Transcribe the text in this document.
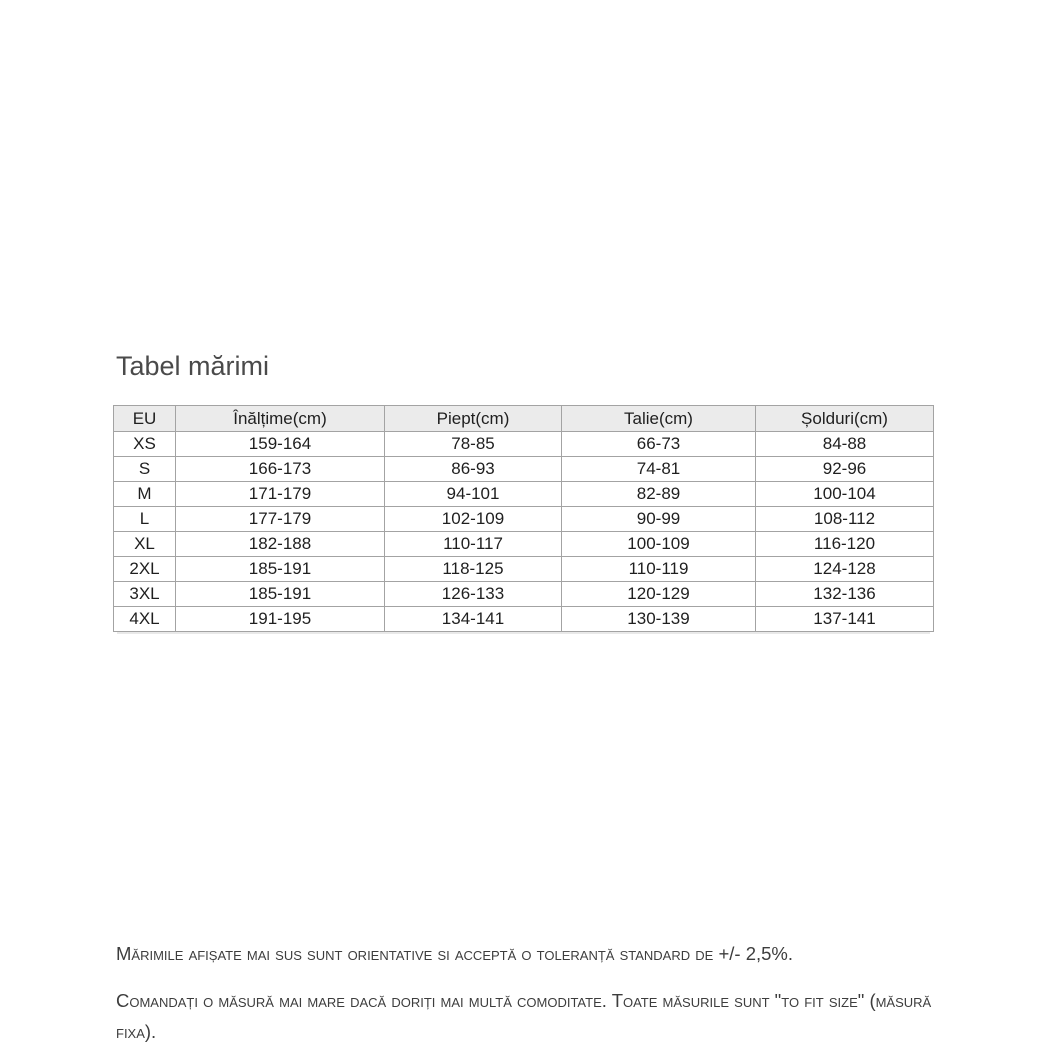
Tabel mărimi
EU	Înălțime(cm)	Piept(cm)	Talie(cm)	Șolduri(cm)
XS	159-164	78-85	66-73	84-88
S	166-173	86-93	74-81	92-96
M	171-179	94-101	82-89	100-104
L	177-179	102-109	90-99	108-112
XL	182-188	110-117	100-109	116-120
2XL	185-191	118-125	110-119	124-128
3XL	185-191	126-133	120-129	132-136
4XL	191-195	134-141	130-139	137-141

Mărimile afișate mai sus sunt orientative si acceptă o toleranță standard de +/- 2,5%.

Comandați o măsură mai mare dacă doriți mai multă comoditate. Toate măsurile sunt "to fit size" (măsură fixa).
